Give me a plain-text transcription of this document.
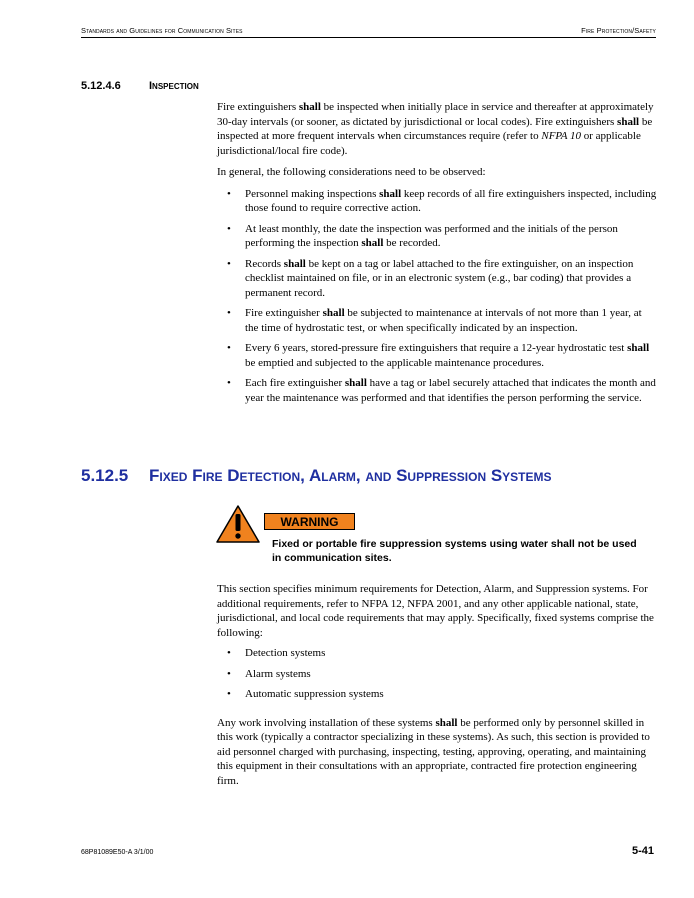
Standards and Guidelines for Communication Sites	Fire Protection/Safety
5.12.4.6	Inspection

Fire extinguishers shall be inspected when initially place in service and thereafter at approximately 30-day intervals (or sooner, as dictated by jurisdictional or local codes). Fire extinguishers shall be inspected at more frequent intervals when circumstances require (refer to NFPA 10 or applicable jurisdictional/local fire code).

In general, the following considerations need to be observed:

• Personnel making inspections shall keep records of all fire extinguishers inspected, including those found to require corrective action.
• At least monthly, the date the inspection was performed and the initials of the person performing the inspection shall be recorded.
• Records shall be kept on a tag or label attached to the fire extinguisher, on an inspection checklist maintained on file, or in an electronic system (e.g., bar coding) that provides a permanent record.
• Fire extinguisher shall be subjected to maintenance at intervals of not more than 1 year, at the time of hydrostatic test, or when specifically indicated by an inspection.
• Every 6 years, stored-pressure fire extinguishers that require a 12-year hydrostatic test shall be emptied and subjected to the applicable maintenance procedures.
• Each fire extinguisher shall have a tag or label securely attached that indicates the month and year the maintenance was performed and that identifies the person performing the service.
5.12.5 Fixed Fire Detection, Alarm, and Suppression Systems
WARNING
Fixed or portable fire suppression systems using water shall not be used in communication sites.

This section specifies minimum requirements for Detection, Alarm, and Suppression systems. For additional requirements, refer to NFPA 12, NFPA 2001, and any other applicable national, state, jurisdictional, and local code requirements that may apply. Specifically, fixed systems comprise the following:

• Detection systems
• Alarm systems
• Automatic suppression systems

Any work involving installation of these systems shall be performed only by personnel skilled in this work (typically a contractor specializing in these systems). As such, this section is provided to aid personnel charged with purchasing, inspecting, testing, approving, operating, and maintaining this equipment in their consultations with an appropriate, contracted fire protection engineering firm.

68P81089E50-A 3/1/00	5-41
